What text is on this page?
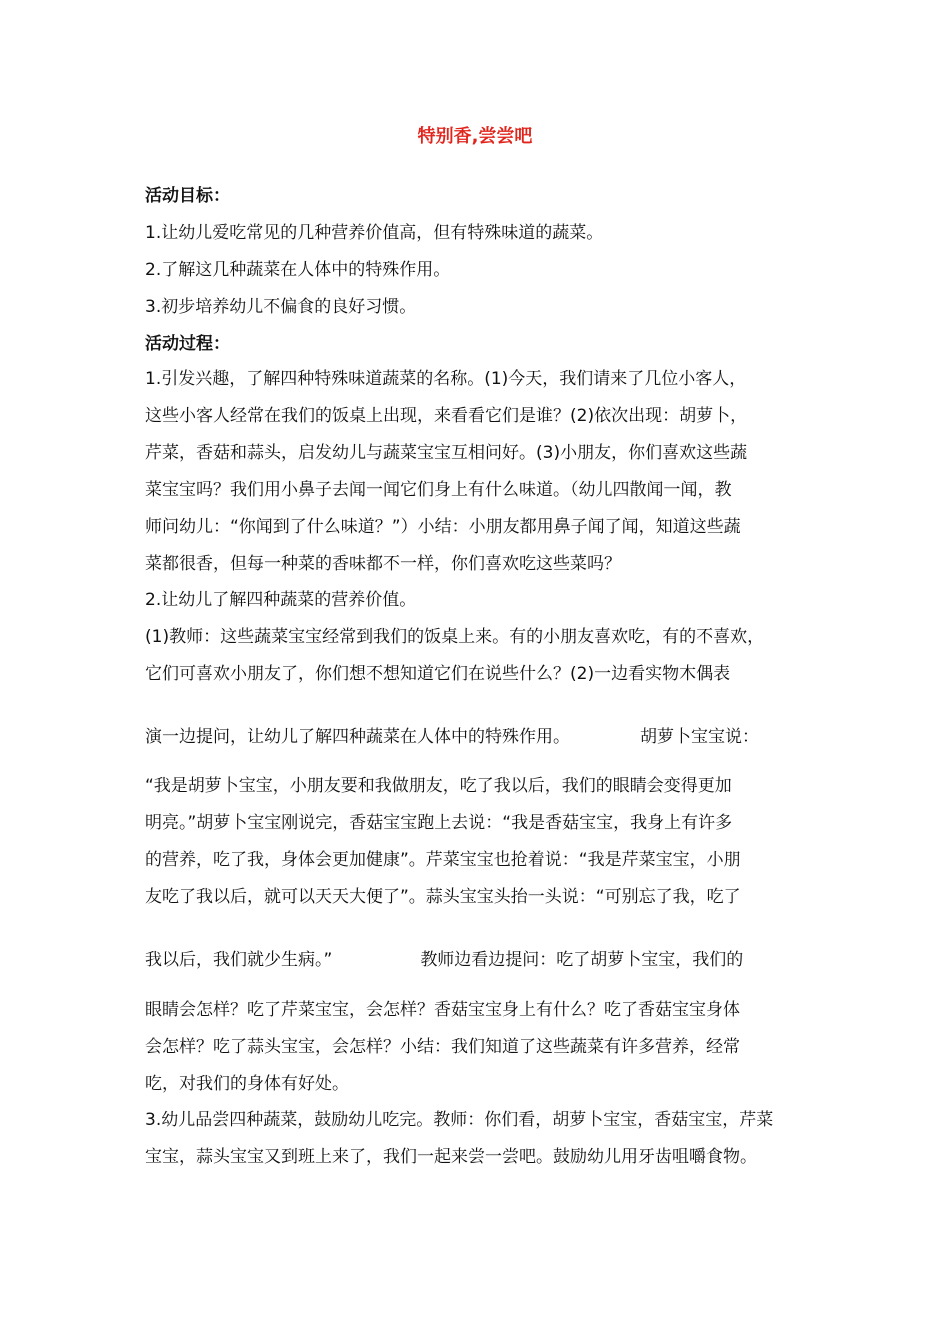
特别香,尝尝吧
活动目标：
1.让幼儿爱吃常见的几种营养价值高，但有特殊味道的蔬菜。
2.了解这几种蔬菜在人体中的特殊作用。
3.初步培养幼儿不偏食的良好习惯。
活动过程：
1.引发兴趣，了解四种特殊味道蔬菜的名称。(1)今天，我们请来了几位小客人，
这些小客人经常在我们的饭桌上出现，来看看它们是谁？(2)依次出现：胡萝卜，
芹菜，香菇和蒜头，启发幼儿与蔬菜宝宝互相问好。(3)小朋友，你们喜欢这些蔬
菜宝宝吗？我们用小鼻子去闻一闻它们身上有什么味道。（幼儿四散闻一闻，教
师问幼儿：“你闻到了什么味道？”）小结：小朋友都用鼻子闻了闻，知道这些蔬
菜都很香，但每一种菜的香味都不一样，你们喜欢吃这些菜吗？
2.让幼儿了解四种蔬菜的营养价值。
(1)教师：这些蔬菜宝宝经常到我们的饭桌上来。有的小朋友喜欢吃，有的不喜欢，
它们可喜欢小朋友了，你们想不想知道它们在说些什么？(2)一边看实物木偶表
演一边提问，让幼儿了解四种蔬菜在人体中的特殊作用。	胡萝卜宝宝说：
“我是胡萝卜宝宝，小朋友要和我做朋友，吃了我以后，我们的眼睛会变得更加
明亮。”胡萝卜宝宝刚说完，香菇宝宝跑上去说：“我是香菇宝宝，我身上有许多
的营养，吃了我，身体会更加健康”。芹菜宝宝也抢着说：“我是芹菜宝宝，小朋
友吃了我以后，就可以天天大便了”。蒜头宝宝头抬一头说：“可别忘了我，吃了
我以后，我们就少生病。”	教师边看边提问：吃了胡萝卜宝宝，我们的
眼睛会怎样？吃了芹菜宝宝，会怎样？香菇宝宝身上有什么？吃了香菇宝宝身体
会怎样？吃了蒜头宝宝，会怎样？小结：我们知道了这些蔬菜有许多营养，经常
吃，对我们的身体有好处。
3.幼儿品尝四种蔬菜，鼓励幼儿吃完。教师：你们看，胡萝卜宝宝，香菇宝宝，芹菜
宝宝，蒜头宝宝又到班上来了，我们一起来尝一尝吧。鼓励幼儿用牙齿咀嚼食物。
